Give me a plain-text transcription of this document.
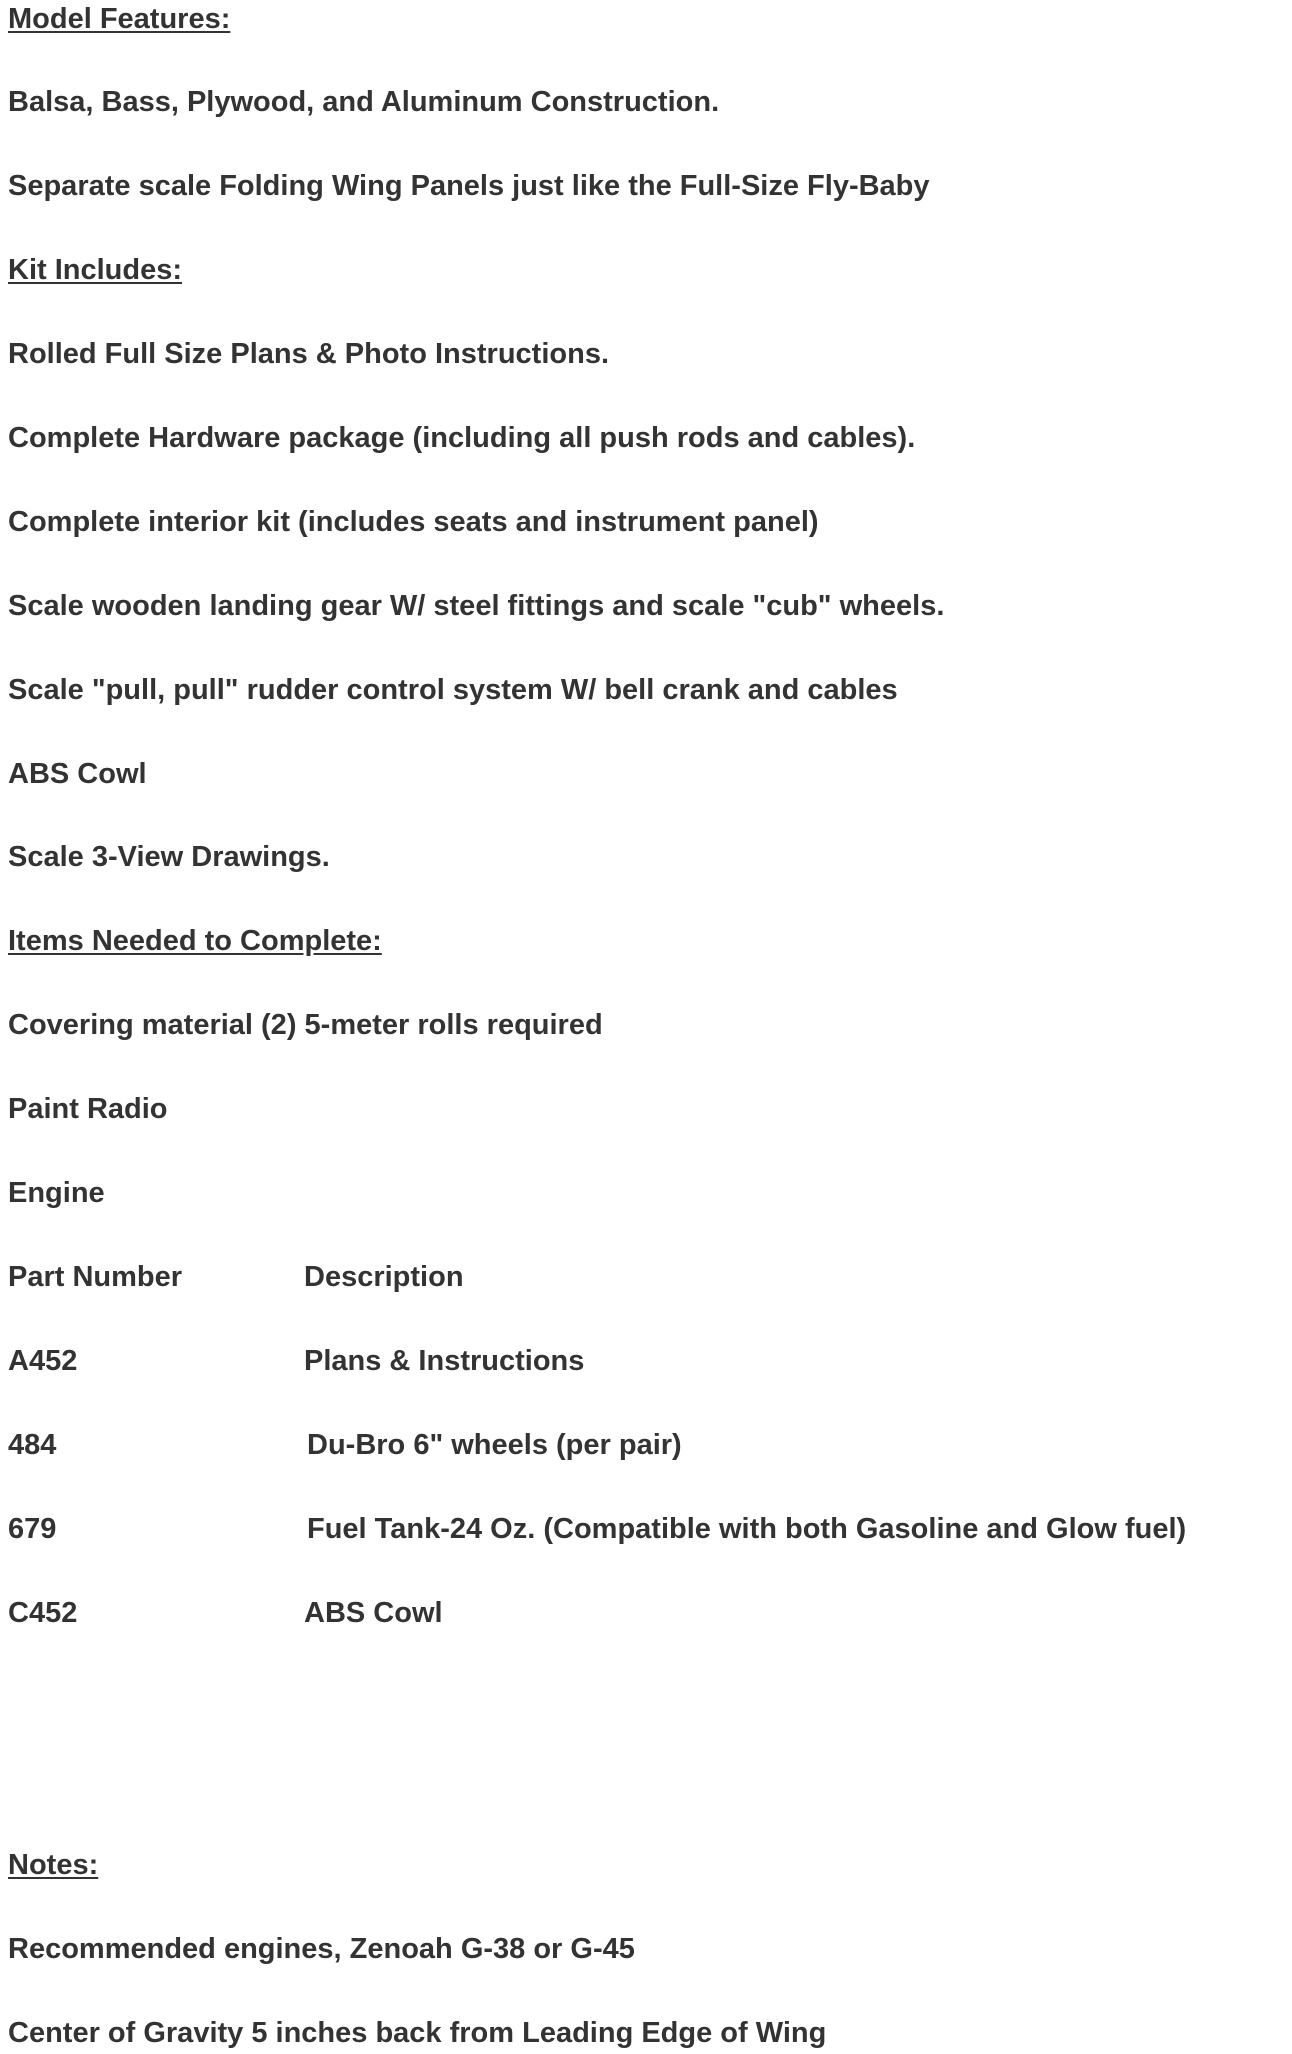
Model Features:

Balsa, Bass, Plywood, and Aluminum Construction.

Separate scale Folding Wing Panels just like the Full-Size Fly-Baby

Kit Includes:

Rolled Full Size Plans & Photo Instructions.

Complete Hardware package (including all push rods and cables).

Complete interior kit (includes seats and instrument panel)

Scale wooden landing gear W/ steel fittings and scale "cub" wheels.

Scale "pull, pull" rudder control system W/ bell crank and cables

ABS Cowl

Scale 3-View Drawings.

Items Needed to Complete:

Covering material (2) 5-meter rolls required

Paint Radio

Engine

Part Number	Description
A452	Plans & Instructions
484	Du-Bro 6" wheels (per pair)
679	Fuel Tank-24 Oz. (Compatible with both Gasoline and Glow fuel)
C452	ABS Cowl

Notes:

Recommended engines, Zenoah G-38 or G-45

Center of Gravity 5 inches back from Leading Edge of Wing
